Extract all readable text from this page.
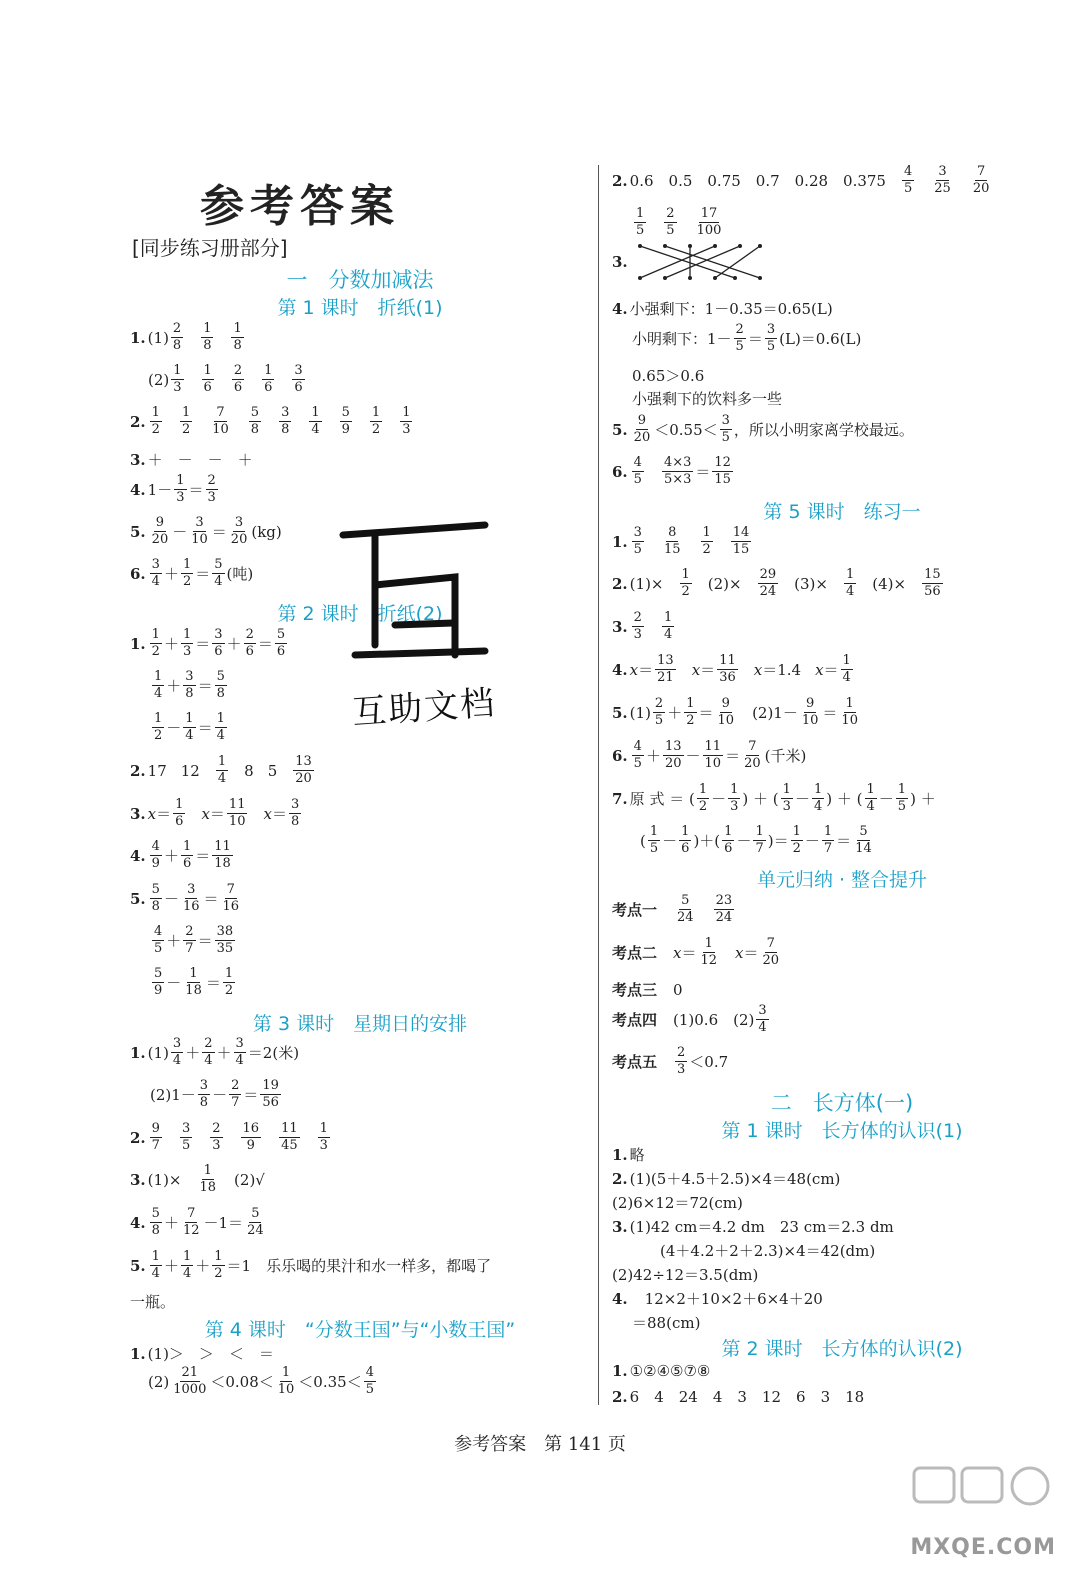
参考答案
[同步练习册部分]
一　分数加减法
第 1 课时　折纸(1)
1. $(1) \frac{2}{8} \frac{1}{8} \frac{1}{8}$
$(2) \frac{1}{3} \frac{1}{6} \frac{2}{6} \frac{1}{6} \frac{3}{6}$
2. $\frac{1}{2} \frac{1}{2} \frac{7}{10} \frac{5}{8} \frac{3}{8} \frac{1}{4} \frac{5}{9} \frac{1}{2} \frac{1}{3}$
3. ＋　－　－　＋
4. $1- \frac{1}{3} = \frac{2}{3}$
5. $\frac{9}{20} - \frac{3}{10} = \frac{3}{20} (kg)$
6. $\frac{3}{4} + \frac{1}{2} = \frac{5}{4}$ (吨)
第 2 课时　折纸(2)
1. $\frac{1}{2} + \frac{1}{3} = \frac{3}{6} + \frac{2}{6} = \frac{5}{6}$
$\frac{1}{4} + \frac{3}{8} = \frac{5}{8}$
$\frac{1}{2} - \frac{1}{4} = \frac{1}{4}$
2. 17 $12 \frac{1}{4} 8$ $5 \frac{13}{20}$
3. $x = \frac{1}{6}$ $x = \frac{11}{10}$ $x = \frac{3}{8}$
4. $\frac{4}{9} + \frac{1}{6} = \frac{11}{18}$
5. $\frac{5}{8} - \frac{3}{16} = \frac{7}{16}$
$\frac{4}{5} + \frac{2}{7} = \frac{38}{35}$
$\frac{5}{9} - \frac{1}{18} = \frac{1}{2}$
第 3 课时　星期日的安排
1. $(1) \frac{3}{4} + \frac{2}{4} + \frac{3}{4} =2$(米)
$(2)1- \frac{3}{8} - \frac{2}{7} = \frac{19}{56}$
2. $\frac{9}{7} \frac{3}{5} \frac{2}{3} \frac{16}{9} \frac{11}{45} \frac{1}{3}$
3. $(1)\times \frac{1}{18} (2)√$
4. $\frac{5}{8} + \frac{7}{12} -1= \frac{5}{24}$
5. $\frac{1}{4} + \frac{1}{4} + \frac{1}{2} =1$　乐乐喝的果汁和水一样多，都喝了
一瓶。
第 4 课时　“分数王国”与“小数王国”
1. (1)＞　＞　＜　＝
$(2) \frac{21}{1000} <0.08< \frac{1}{10} <0.35< \frac{4}{5}$
2. 0.6　0.5　0.75　0.7　0.28　$0.375 \frac{4}{5} \frac{3}{25} \frac{7}{20}$
$\frac{1}{5} \frac{2}{5} \frac{17}{100}$
3.
4. 小强剩下：1－0.35＝0.65(L)
小明剩下：$1- \frac{2}{5} = \frac{3}{5} (L)=0.6(L)$
0.65＞0.6
小强剩下的饮料多一些
5. $\frac{9}{20} <0.55< \frac{3}{5}$ ，所以小明家离学校最远。
6. $\frac{4}{5} \frac{4\times 3}{5\times 3} = \frac{12}{15}$
第 5 课时　练习一
1. $\frac{3}{5} \frac{8}{15} \frac{1}{2} \frac{14}{15}$
2. $(1)\times \frac{1}{2} (2)\times \frac{29}{24} (3)\times \frac{1}{4} (4)\times \frac{15}{56}$
3. $\frac{2}{3} \frac{1}{4}$
4. $x = \frac{13}{21}$ $x = \frac{11}{36}$ x ＝1.4 $x = \frac{1}{4}$
5. $(1) \frac{2}{5} + \frac{1}{2} = \frac{9}{10} (2)1- \frac{9}{10} = \frac{1}{10}$
6. $\frac{4}{5} + \frac{13}{20} - \frac{11}{10} = \frac{7}{20}$ (千米)
7. 原 式 ＝ ( $\frac{1}{2} - \frac{1}{3}$ ) ＋ ( $\frac{1}{3} - \frac{1}{4}$ ) ＋ ( $\frac{1}{4} - \frac{1}{5}$ ) ＋
( $\frac{1}{5} - \frac{1}{6}$ )＋( $\frac{1}{6} - \frac{1}{7}$ )＝ $\frac{1}{2} - \frac{1}{7} = \frac{5}{14}$
单元归纳 · 整合提升
考点一 $\frac{5}{24} \frac{23}{24}$
考点二 $x = \frac{1}{12}$ $x = \frac{7}{20}$
考点三 0
考点四 (1)0.6　$(2) \frac{3}{4}$
考点五 $\frac{2}{3} <0.7$
二　长方体(一)
第 1 课时　长方体的认识(1)
1. 略
2. (1)(5＋4.5＋2.5)×4＝48(cm)
(2)6×12＝72(cm)
3. (1)42 cm＝4.2 dm　23 cm＝2.3 dm
(4＋4.2＋2＋2.3)×4＝42(dm)
(2)42÷12＝3.5(dm)
4. 　12×2＋10×2＋6×4＋20
＝88(cm)
第 2 课时　长方体的认识(2)
1. ①②④⑤⑦⑧
2. 6　4　24　4　3　12　6　3　18
参考答案　第 141 页
互助文档
MXQE.COM
